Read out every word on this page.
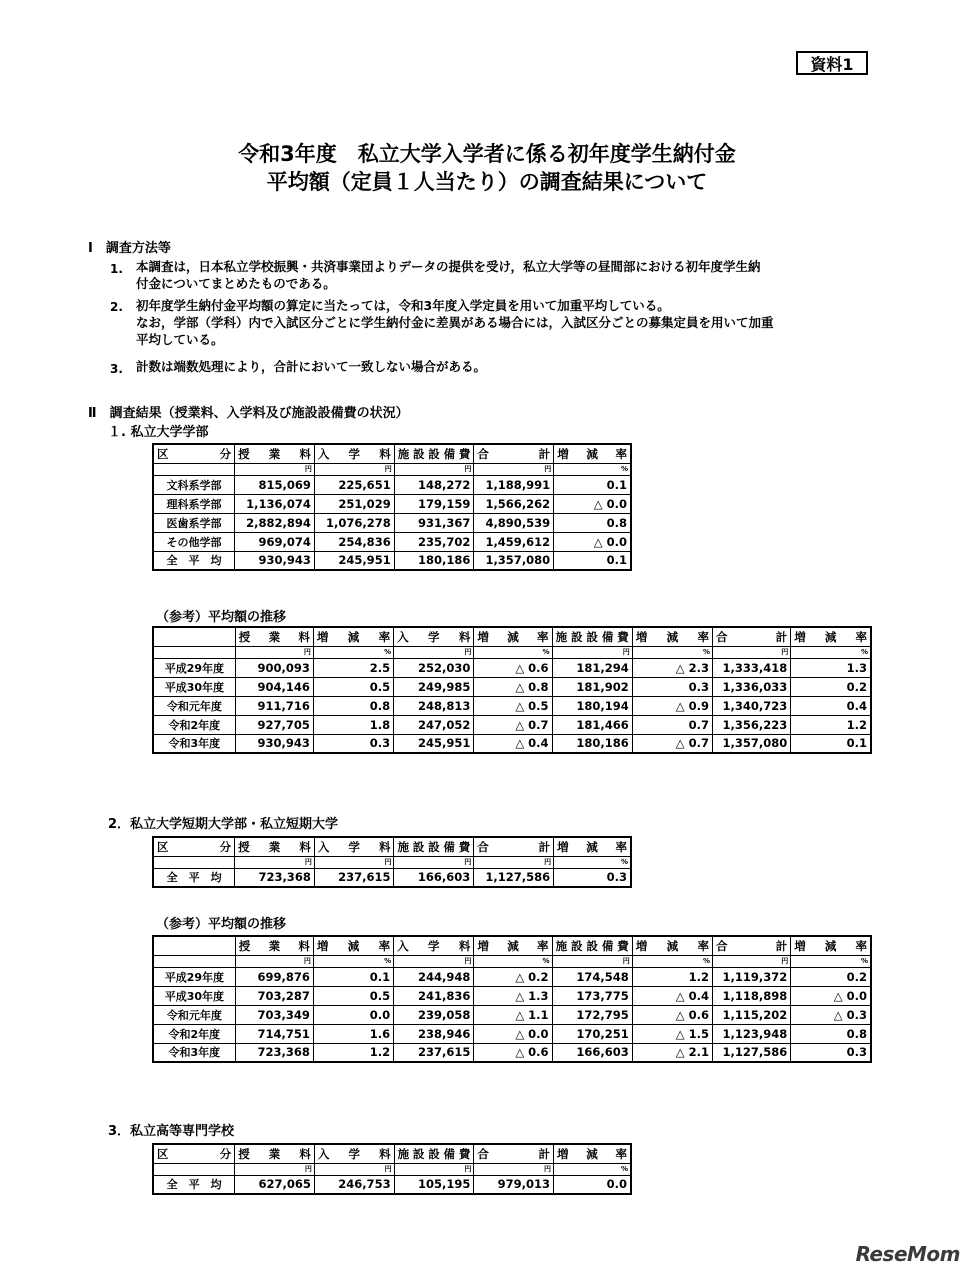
資料1
令和3年度　私立大学入学者に係る初年度学生納付金
平均額（定員１人当たり）の調査結果について
Ⅰ　調査方法等
1. 本調査は，日本私立学校振興・共済事業団よりデータの提供を受け，私立大学等の昼間部における初年度学生納
付金についてまとめたものである。
2. 初年度学生納付金平均額の算定に当たっては，令和3年度入学定員を用いて加重平均している。
なお，学部（学科）内で入試区分ごとに学生納付金に差異がある場合には，入試区分ごとの募集定員を用いて加重
平均している。
3. 計数は端数処理により，合計において一致しない場合がある。
Ⅱ　調査結果（授業料、入学料及び施設設備費の状況）
１. 私立大学学部
区　　分	授業料	入学料	施設設備費	合計	増減率
	円	円	円	円	%
文科系学部	815,069	225,651	148,272	1,188,991	0.1
理科系学部	1,136,074	251,029	179,159	1,566,262	△ 0.0
医歯系学部	2,882,894	1,076,278	931,367	4,890,539	0.8
その他学部	969,074	254,836	235,702	1,459,612	△ 0.0
全　平　均	930,943	245,951	180,186	1,357,080	0.1
（参考）平均額の推移
	授業料	増減率	入学料	増減率	施設設備費	増減率	合計	増減率
	円	%	円	%	円	%	円	%
平成29年度	900,093	2.5	252,030	△ 0.6	181,294	△ 2.3	1,333,418	1.3
平成30年度	904,146	0.5	249,985	△ 0.8	181,902	0.3	1,336,033	0.2
令和元年度	911,716	0.8	248,813	△ 0.5	180,194	△ 0.9	1,340,723	0.4
令和2年度	927,705	1.8	247,052	△ 0.7	181,466	0.7	1,356,223	1.2
令和3年度	930,943	0.3	245,951	△ 0.4	180,186	△ 0.7	1,357,080	0.1
2．私立大学短期大学部・私立短期大学
区　　分	授業料	入学料	施設設備費	合計	増減率
	円	円	円	円	%
全　平　均	723,368	237,615	166,603	1,127,586	0.3
（参考）平均額の推移
	授業料	増減率	入学料	増減率	施設設備費	増減率	合計	増減率
	円	%	円	%	円	%	円	%
平成29年度	699,876	0.1	244,948	△ 0.2	174,548	1.2	1,119,372	0.2
平成30年度	703,287	0.5	241,836	△ 1.3	173,775	△ 0.4	1,118,898	△ 0.0
令和元年度	703,349	0.0	239,058	△ 1.1	172,795	△ 0.6	1,115,202	△ 0.3
令和2年度	714,751	1.6	238,946	△ 0.0	170,251	△ 1.5	1,123,948	0.8
令和3年度	723,368	1.2	237,615	△ 0.6	166,603	△ 2.1	1,127,586	0.3
3．私立高等専門学校
区　　分	授業料	入学料	施設設備費	合計	増減率
	円	円	円	円	%
全　平　均	627,065	246,753	105,195	979,013	0.0
ReseMom
